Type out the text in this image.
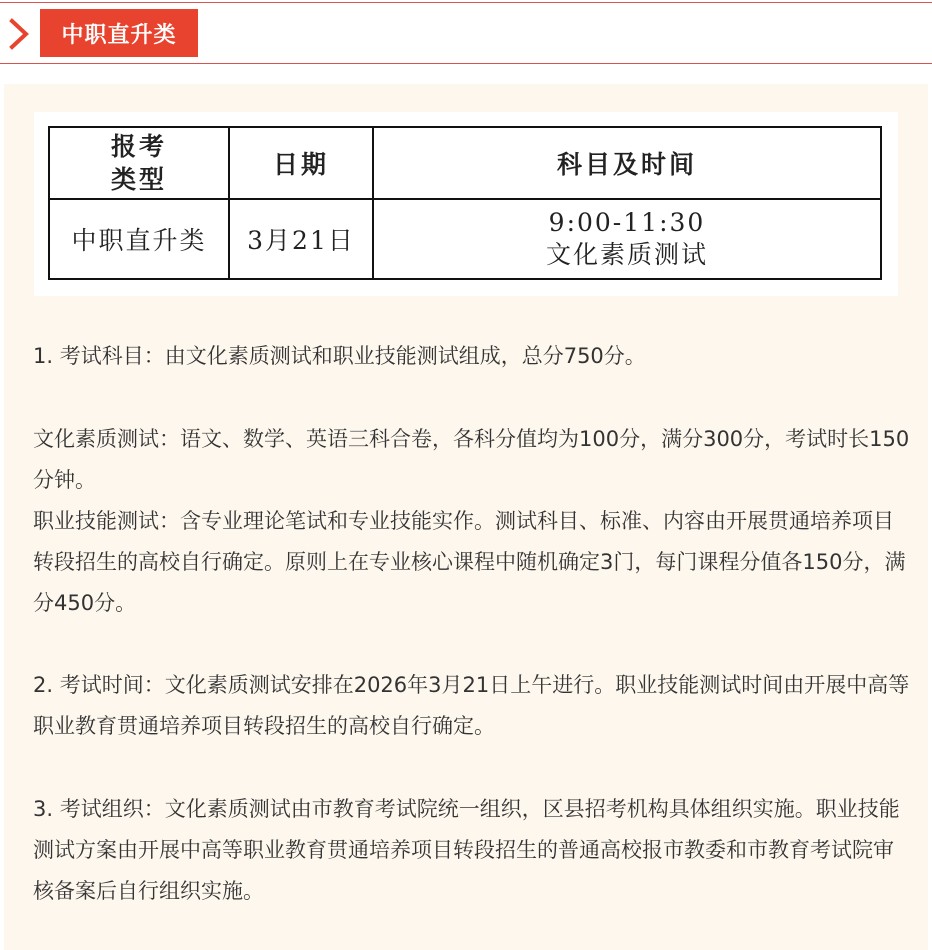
中职直升类
报考
类型	日期	科目及时间
中职直升类	3月21日	9:00-11:30
文化素质测试
1. 考试科目：由文化素质测试和职业技能测试组成，总分750分。
文化素质测试：语文、数学、英语三科合卷，各科分值均为100分，满分300分，考试时长150分钟。
职业技能测试：含专业理论笔试和专业技能实作。测试科目、标准、内容由开展贯通培养项目转段招生的高校自行确定。原则上在专业核心课程中随机确定3门，每门课程分值各150分，满分450分。
2. 考试时间：文化素质测试安排在2026年3月21日上午进行。职业技能测试时间由开展中高等职业教育贯通培养项目转段招生的高校自行确定。
3. 考试组织：文化素质测试由市教育考试院统一组织，区县招考机构具体组织实施。职业技能测试方案由开展中高等职业教育贯通培养项目转段招生的普通高校报市教委和市教育考试院审核备案后自行组织实施。
